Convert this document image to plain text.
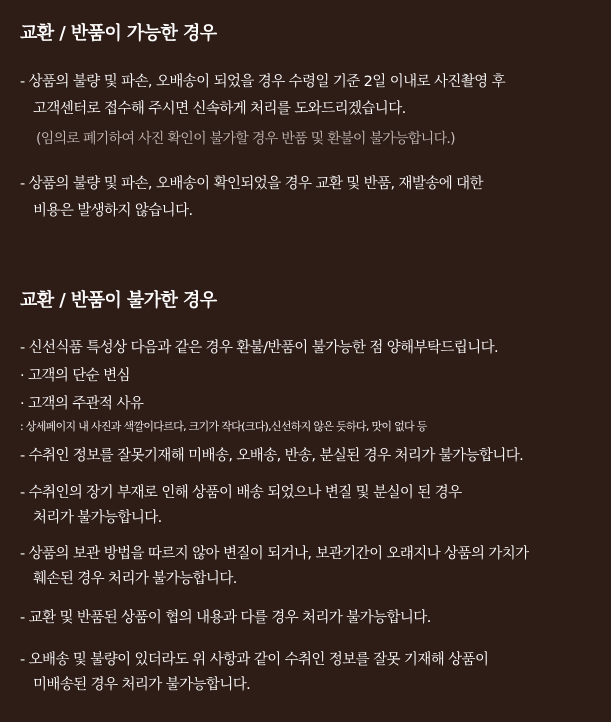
교환 / 반품이 가능한 경우
- 상품의 불량 및 파손, 오배송이 되었을 경우 수령일 기준 2일 이내로 사진촬영 후
고객센터로 접수해 주시면 신속하게 처리를 도와드리겠습니다.
(임의로 폐기하여 사진 확인이 불가할 경우 반품 및 환불이 불가능합니다.)
- 상품의 불량 및 파손, 오배송이 확인되었을 경우 교환 및 반품, 재발송에 대한
비용은 발생하지 않습니다.
교환 / 반품이 불가한 경우
- 신선식품 특성상 다음과 같은 경우 환불/반품이 불가능한 점 양해부탁드립니다.
· 고객의 단순 변심
· 고객의 주관적 사유
: 상세페이지 내 사진과 색깔이다르다, 크기가 작다(크다),신선하지 않은 듯하다, 맛이 없다 등
- 수취인 정보를 잘못기재해 미배송, 오배송, 반송, 분실된 경우 처리가 불가능합니다.
- 수취인의 장기 부재로 인해 상품이 배송 되었으나 변질 및 분실이 된 경우
처리가 불가능합니다.
- 상품의 보관 방법을 따르지 않아 변질이 되거나, 보관기간이 오래지나 상품의 가치가
훼손된 경우 처리가 불가능합니다.
- 교환 및 반품된 상품이 협의 내용과 다를 경우 처리가 불가능합니다.
- 오배송 및 불량이 있더라도 위 사항과 같이 수취인 정보를 잘못 기재해 상품이
미배송된 경우 처리가 불가능합니다.
